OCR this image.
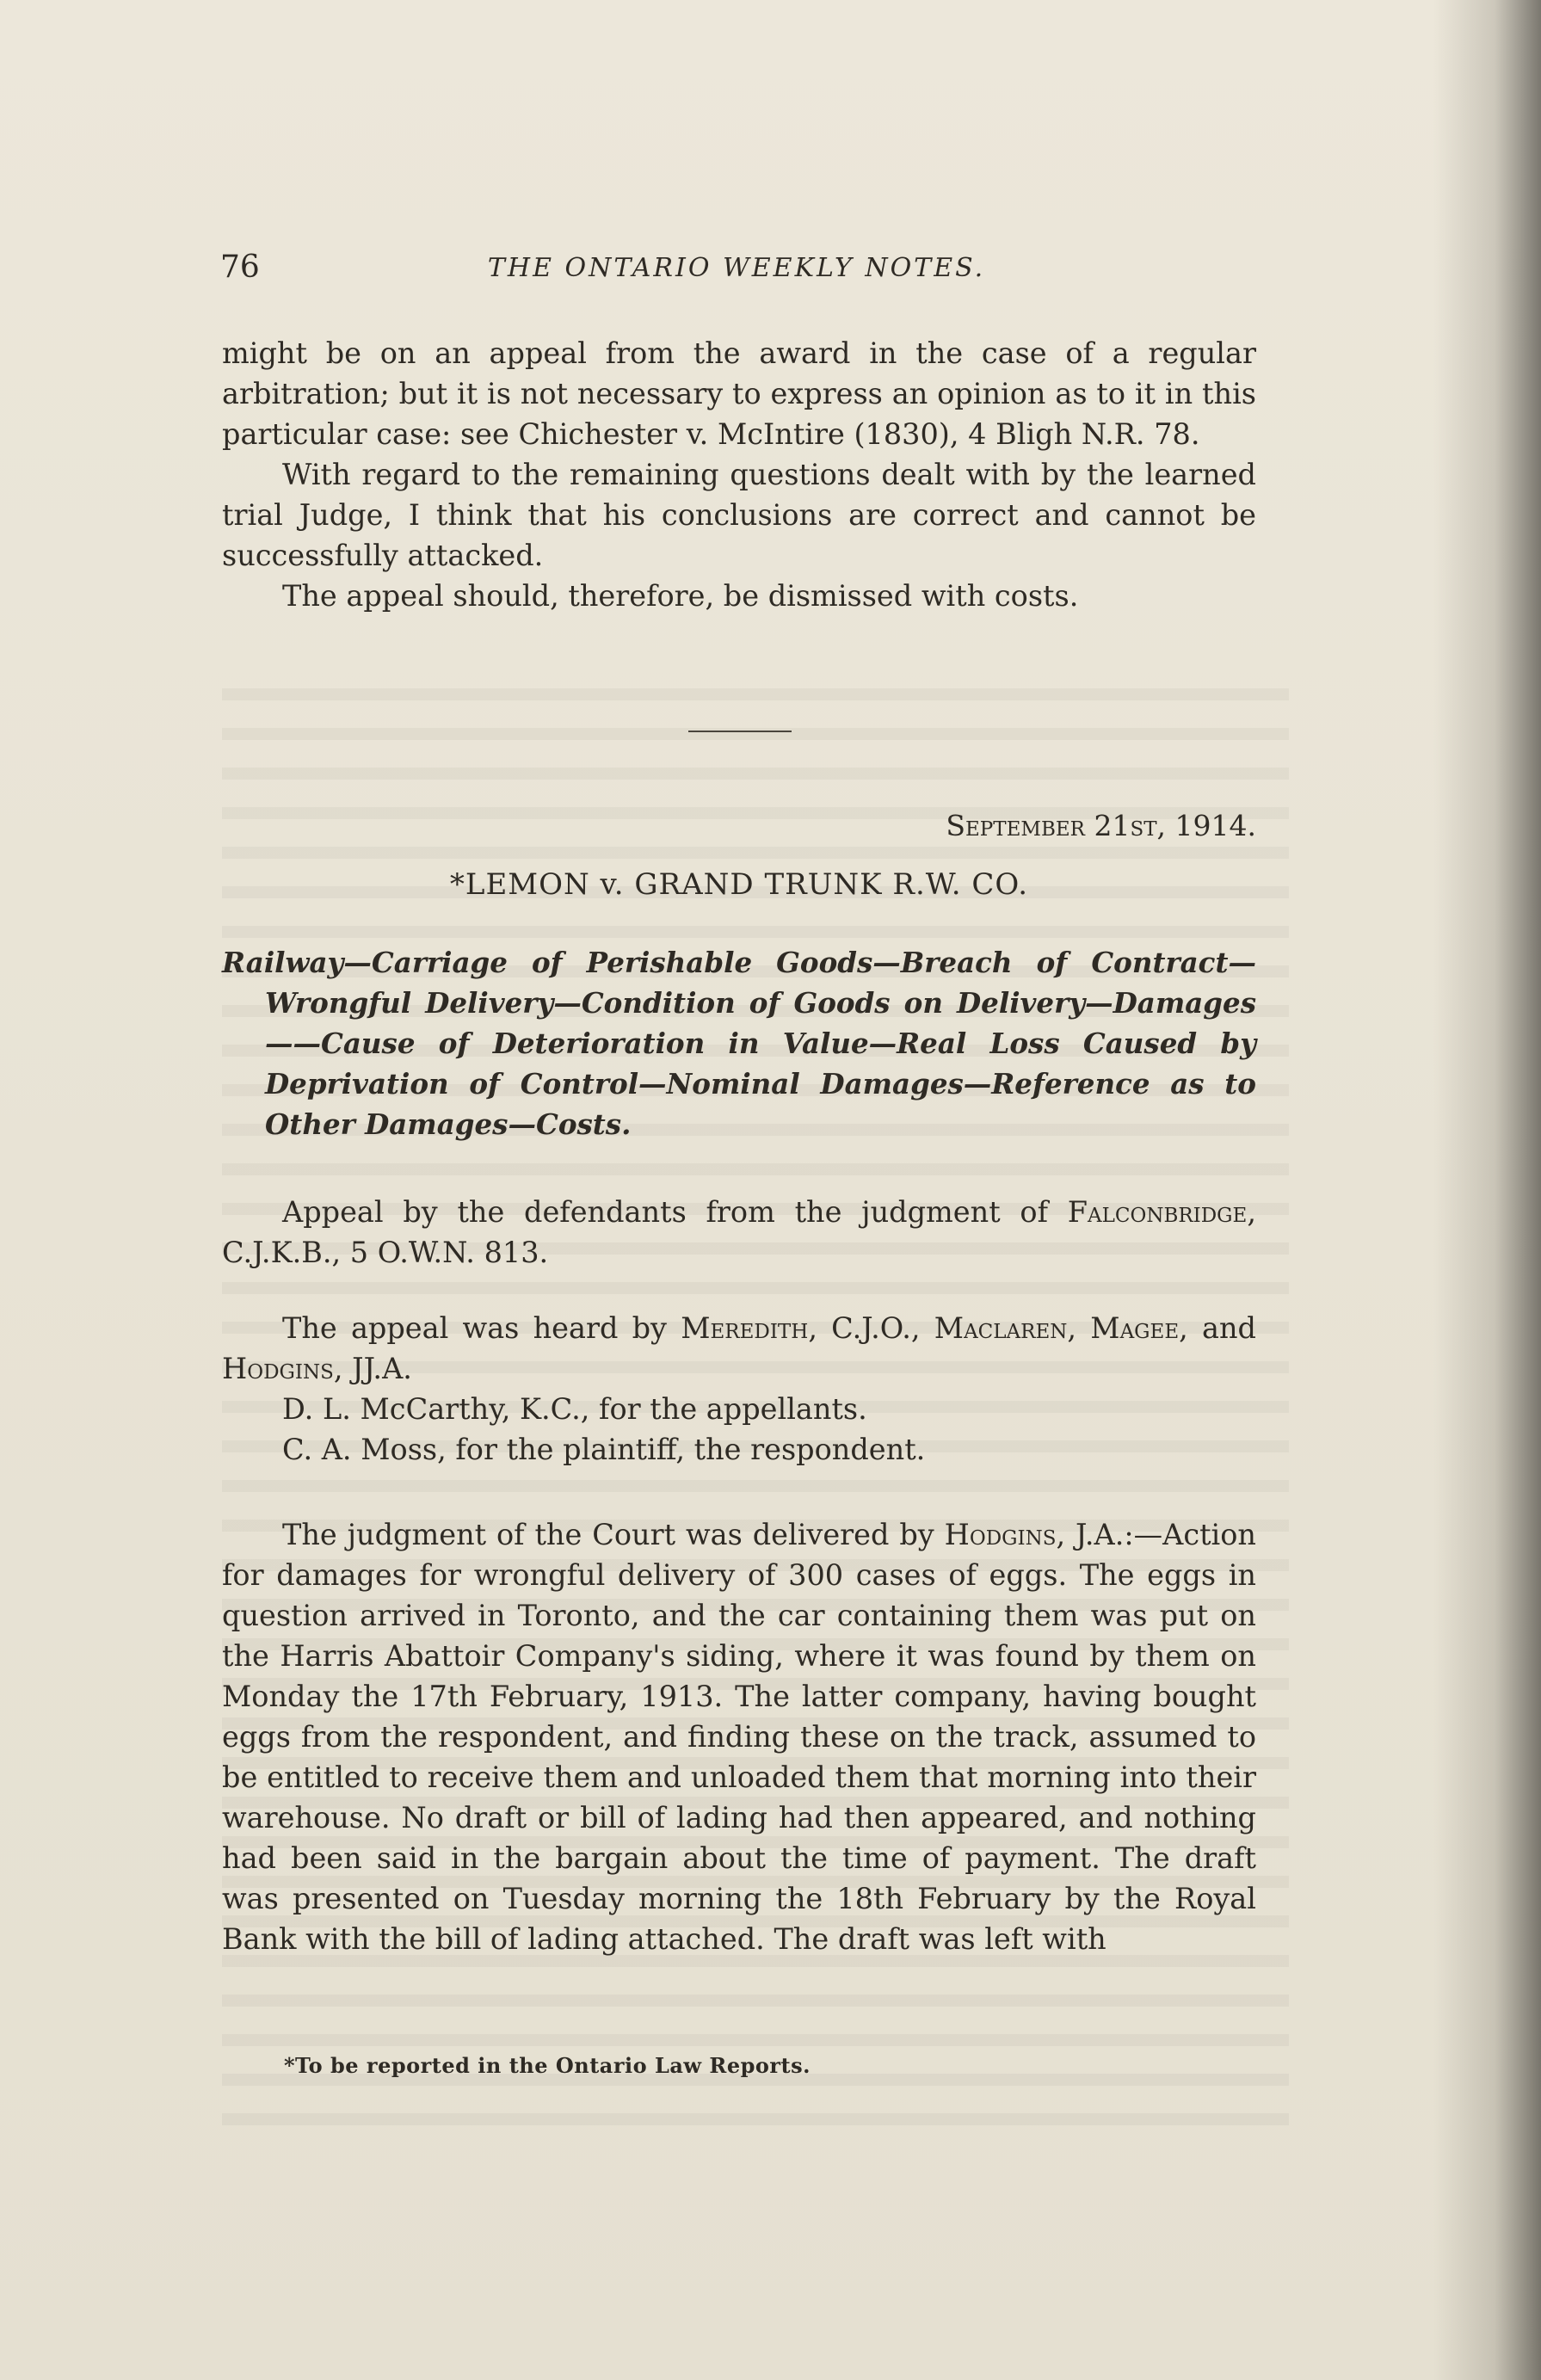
76	THE ONTARIO WEEKLY NOTES.

might be on an appeal from the award in the case of a regular arbitration; but it is not necessary to express an opinion as to it in this particular case: see Chichester v. McIntire (1830), 4 Bligh N.R. 78.

With regard to the remaining questions dealt with by the learned trial Judge, I think that his conclusions are correct and cannot be successfully attacked.

The appeal should, therefore, be dismissed with costs.

September 21st, 1914.
*LEMON v. GRAND TRUNK R.W. CO.
Railway—Carriage of Perishable Goods—Breach of Contract—Wrongful Delivery—Condition of Goods on Delivery—Damages——Cause of Deterioration in Value—Real Loss Caused by Deprivation of Control—Nominal Damages—Reference as to Other Damages—Costs.

Appeal by the defendants from the judgment of Falconbridge, C.J.K.B., 5 O.W.N. 813.

The appeal was heard by Meredith, C.J.O., Maclaren, Magee, and Hodgins, JJ.A.

D. L. McCarthy, K.C., for the appellants.

C. A. Moss, for the plaintiff, the respondent.

The judgment of the Court was delivered by Hodgins, J.A.:—Action for damages for wrongful delivery of 300 cases of eggs. The eggs in question arrived in Toronto, and the car containing them was put on the Harris Abattoir Company's siding, where it was found by them on Monday the 17th February, 1913. The latter company, having bought eggs from the respondent, and finding these on the track, assumed to be entitled to receive them and unloaded them that morning into their warehouse. No draft or bill of lading had then appeared, and nothing had been said in the bargain about the time of payment. The draft was presented on Tuesday morning the 18th February by the Royal Bank with the bill of lading attached. The draft was left with

*To be reported in the Ontario Law Reports.
